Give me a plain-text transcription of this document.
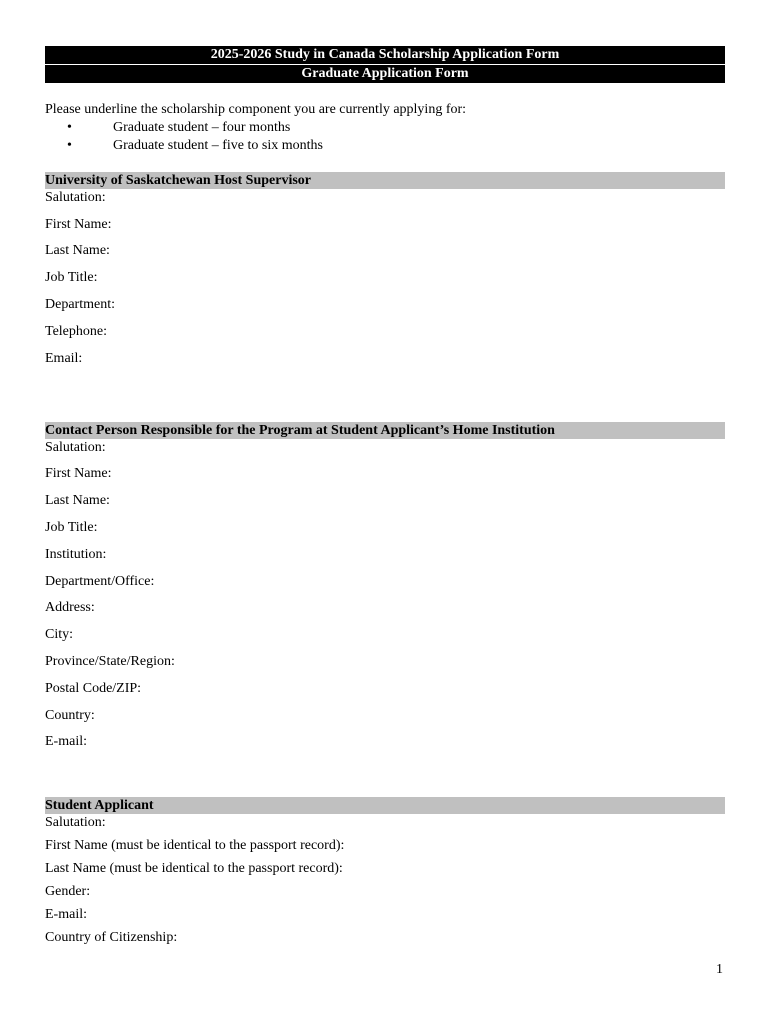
2025-2026 Study in Canada Scholarship Application Form
Graduate Application Form
Please underline the scholarship component you are currently applying for:
•	Graduate student – four months
•	Graduate student – five to six months
University of Saskatchewan Host Supervisor
Salutation:
First Name:
Last Name:
Job Title:
Department:
Telephone:
Email:
Contact Person Responsible for the Program at Student Applicant’s Home Institution
Salutation:
First Name:
Last Name:
Job Title:
Institution:
Department/Office:
Address:
City:
Province/State/Region:
Postal Code/ZIP:
Country:
E-mail:
Student Applicant
Salutation:
First Name (must be identical to the passport record):
Last Name (must be identical to the passport record):
Gender:
E-mail:
Country of Citizenship:
1
